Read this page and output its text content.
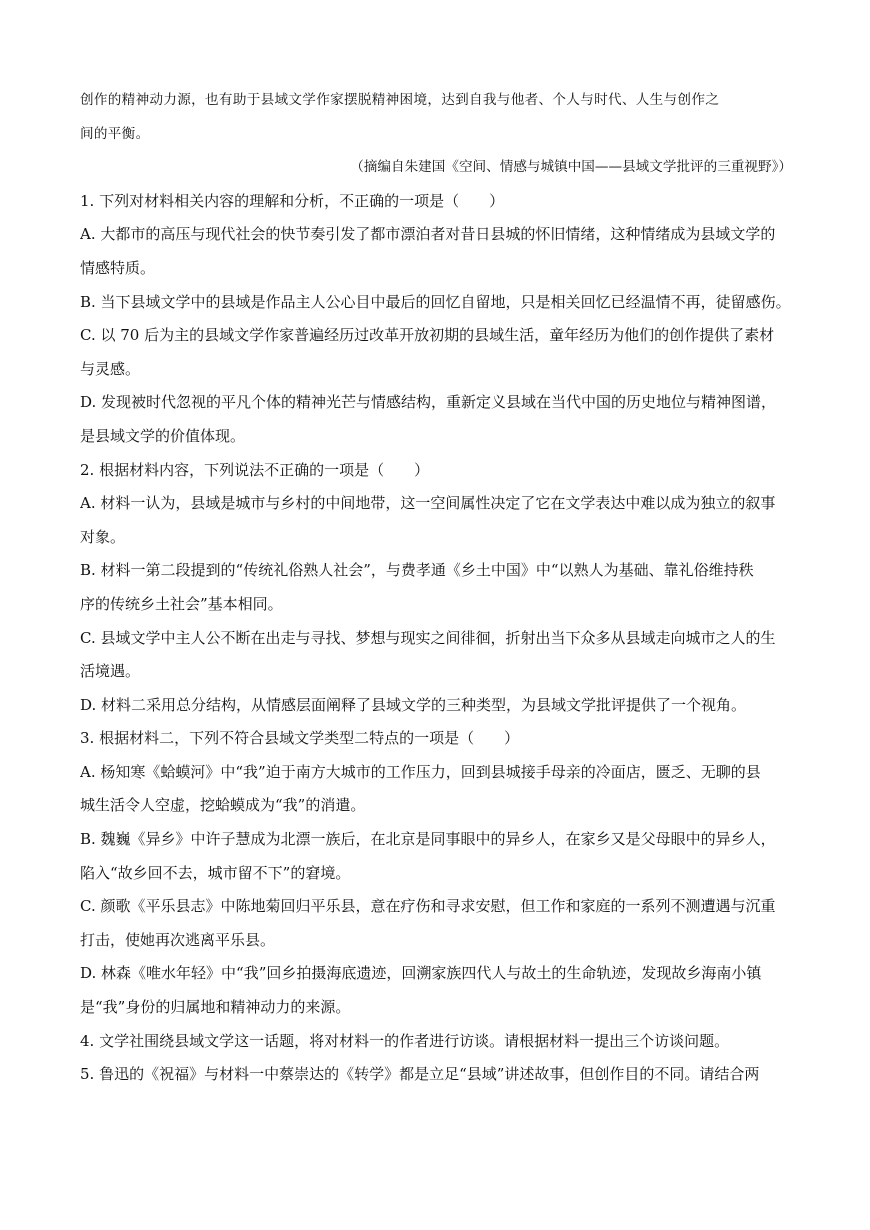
创作的精神动力源，也有助于县域文学作家摆脱精神困境，达到自我与他者、个人与时代、人生与创作之
间的平衡。
（摘编自朱建国《空间、情感与城镇中国——县域文学批评的三重视野》）
1. 下列对材料相关内容的理解和分析，不正确的一项是（　　）
A. 大都市的高压与现代社会的快节奏引发了都市漂泊者对昔日县城的怀旧情绪，这种情绪成为县域文学的
情感特质。
B. 当下县域文学中的县域是作品主人公心目中最后的回忆自留地，只是相关回忆已经温情不再，徒留感伤。
C. 以 70 后为主的县域文学作家普遍经历过改革开放初期的县域生活，童年经历为他们的创作提供了素材
与灵感。
D. 发现被时代忽视的平凡个体的精神光芒与情感结构，重新定义县域在当代中国的历史地位与精神图谱，
是县域文学的价值体现。
2. 根据材料内容，下列说法不正确的一项是（　　）
A. 材料一认为，县域是城市与乡村的中间地带，这一空间属性决定了它在文学表达中难以成为独立的叙事
对象。
B. 材料一第二段提到的“传统礼俗熟人社会”，与费孝通《乡土中国》中“以熟人为基础、靠礼俗维持秩
序的传统乡土社会”基本相同。
C. 县域文学中主人公不断在出走与寻找、梦想与现实之间徘徊，折射出当下众多从县域走向城市之人的生
活境遇。
D. 材料二采用总分结构，从情感层面阐释了县域文学的三种类型，为县域文学批评提供了一个视角。
3. 根据材料二，下列不符合县域文学类型二特点的一项是（　　）
A. 杨知寒《蛤蟆河》中“我”迫于南方大城市的工作压力，回到县城接手母亲的冷面店，匮乏、无聊的县
城生活令人空虚，挖蛤蟆成为“我”的消遣。
B. 魏巍《异乡》中许子慧成为北漂一族后，在北京是同事眼中的异乡人，在家乡又是父母眼中的异乡人，
陷入“故乡回不去，城市留不下”的窘境。
C. 颜歌《平乐县志》中陈地菊回归平乐县，意在疗伤和寻求安慰，但工作和家庭的一系列不测遭遇与沉重
打击，使她再次逃离平乐县。
D. 林森《唯水年轻》中“我”回乡拍摄海底遗迹，回溯家族四代人与故土的生命轨迹，发现故乡海南小镇
是“我”身份的归属地和精神动力的来源。
4. 文学社围绕县域文学这一话题，将对材料一的作者进行访谈。请根据材料一提出三个访谈问题。
5. 鲁迅的《祝福》与材料一中蔡崇达的《转学》都是立足“县域”讲述故事，但创作目的不同。请结合两
